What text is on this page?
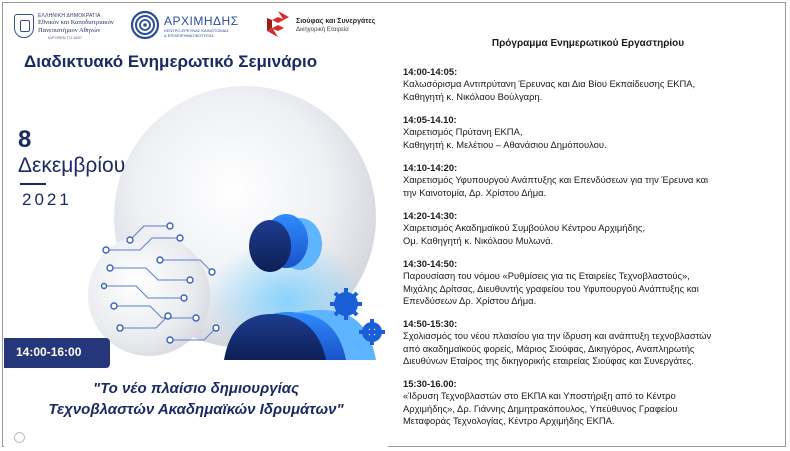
ΕΛΛΗΝΙΚΗ ΔΗΜΟΚΡΑΤΙΑ
Εθνικόν και Καποδιστριακόν
Πανεπιστήμιον Αθηνών
ΙΔΡΥΘΕΝ ΤΟ 1837
ΑΡΧΙΜΗΔΗΣ
ΚΕΝΤΡΟ ΕΡΕΥΝΑΣ ΚΑΙΝΟΤΟΜΙΑΣ
& ΕΠΙΧΕΙΡΗΜΑΤΙΚΟΤΗΤΑΣ
Σιούφας και Συνεργάτες
Δικηγορική Εταιρεία
Διαδικτυακό Ενημερωτικό Σεμινάριο
8
Δεκεμβρίου
2021
14:00-16:00
"Το νέο πλαίσιο δημιουργίας
Τεχνοβλαστών Ακαδημαϊκών Ιδρυμάτων"
Πρόγραμμα Ενημερωτικού Εργαστηρίου
14:00-14:05:
Καλωσόρισμα Αντιπρύτανη Έρευνας και Δια Βίου Εκπαίδευσης ΕΚΠΑ,
Καθηγητή κ. Νικόλαου Βούλγαρη.
14:05-14.10:
Χαιρετισμός Πρύτανη ΕΚΠΑ,
Καθηγητή κ. Μελέτιου – Αθανάσιου Δημόπουλου.
14:10-14:20:
Χαιρετισμός Υφυπουργού Ανάπτυξης και Επενδύσεων για την Έρευνα και
την Καινοτομία, Δρ. Χρίστου Δήμα.
14:20-14:30:
Χαιρετισμός Ακαδημαϊκού Συμβούλου Κέντρου Αρχιμήδης,
Ομ. Καθηγητή κ. Νικόλαου Μυλωνά.
14:30-14:50:
Παρουσίαση του νόμου «Ρυθμίσεις για τις Εταιρείες Τεχνοβλαστούς»,
Μιχάλης Δρίτσας, Διευθυντής γραφείου του Υφυπουργού Ανάπτυξης και
Επενδύσεων Δρ. Χρίστου Δήμα.
14:50-15:30:
Σχολιασμός του νέου πλαισίου για την ίδρυση και ανάπτυξη τεχνοβλαστών
από ακαδημαϊκούς φορείς, Μάριος Σιούφας, Δικηγόρος, Αναπληρωτής
Διευθύνων Εταίρος της δικηγορικής εταιρείας Σιούφας και Συνεργάτες.
15:30-16.00:
«Ίδρυση Τεχνοβλαστών στο ΕΚΠΑ και Υποστήριξη από το Κέντρο
Αρχιμήδης», Δρ. Γιάννης Δημητρακόπουλος, Υπεύθυνος Γραφείου
Μεταφοράς Τεχνολογίας, Κέντρο Αρχιμήδης ΕΚΠΑ.
